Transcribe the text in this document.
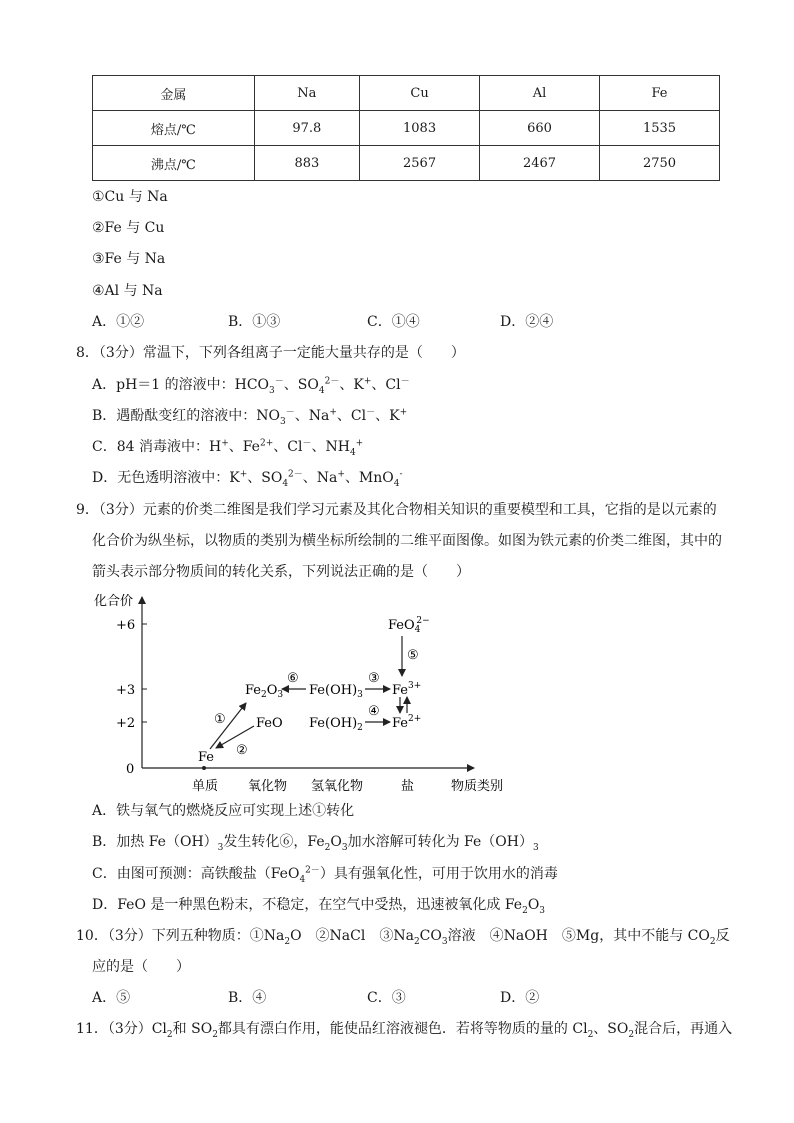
金属	Na	Cu	Al	Fe
熔点/℃	97.8	1083	660	1535
沸点/℃	883	2567	2467	2750
①Cu 与 Na
②Fe 与 Cu
③Fe 与 Na
④Al 与 Na
A．①②	B．①③	C．①④	D．②④
8．（3分）常温下，下列各组离子一定能大量共存的是（　　）
A．pH＝1 的溶液中：$HCO_3^-$、$SO_4^{2-}$、K+、Cl－
B．遇酚酞变红的溶液中：$NO_3^-$、Na+、Cl－、K+
C．84 消毒液中：H+、$Fe^{2+}$、Cl－、$NH_4^+$
D．无色透明溶液中：K+、$SO_4^{2-}$、Na+、MnO$_4$-
9．（3分）元素的价类二维图是我们学习元素及其化合物相关知识的重要模型和工具，它指的是以元素的
化合价为纵坐标，以物质的类别为横坐标所绘制的二维平面图像。如图为铁元素的价类二维图，其中的
箭头表示部分物质间的转化关系，下列说法正确的是（　　）
化合价
+6
+3
+2
0
单质 氧化物 氢氧化物	盐	物质类别
Fe
FeO
$Fe_2O_3$ $Fe(OH)_3$
$Fe(OH)_2$
$Fe^{3+}$
$Fe^{2+}$
FeO$_4$2−
①
②
⑥	③
④
⑤
A．铁与氧气的燃烧反应可实现上述①转化
B．加热 $Fe(OH)_3$发生转化⑥，$Fe_2O_3$加水溶解可转化为 $Fe(OH)_3$
C．由图可预测：高铁酸盐（FeO$_4^{2-}$）具有强氧化性，可用于饮用水的消毒
D．FeO 是一种黑色粉末，不稳定，在空气中受热，迅速被氧化成 $Fe_2O_3$
10．（3分）下列五种物质：$①Na_2O$　②NaCl　$③Na_2CO_3$溶液　④NaOH　⑤Mg，其中不能与 $CO_2$反
应的是（　　）
A．⑤	B．④	C．③	D．②
11．（3分）$Cl_2$和 $SO_2$都具有漂白作用，能使品红溶液褪色．若将等物质的量的 $Cl_2$、$SO_2$混合后，再通入
